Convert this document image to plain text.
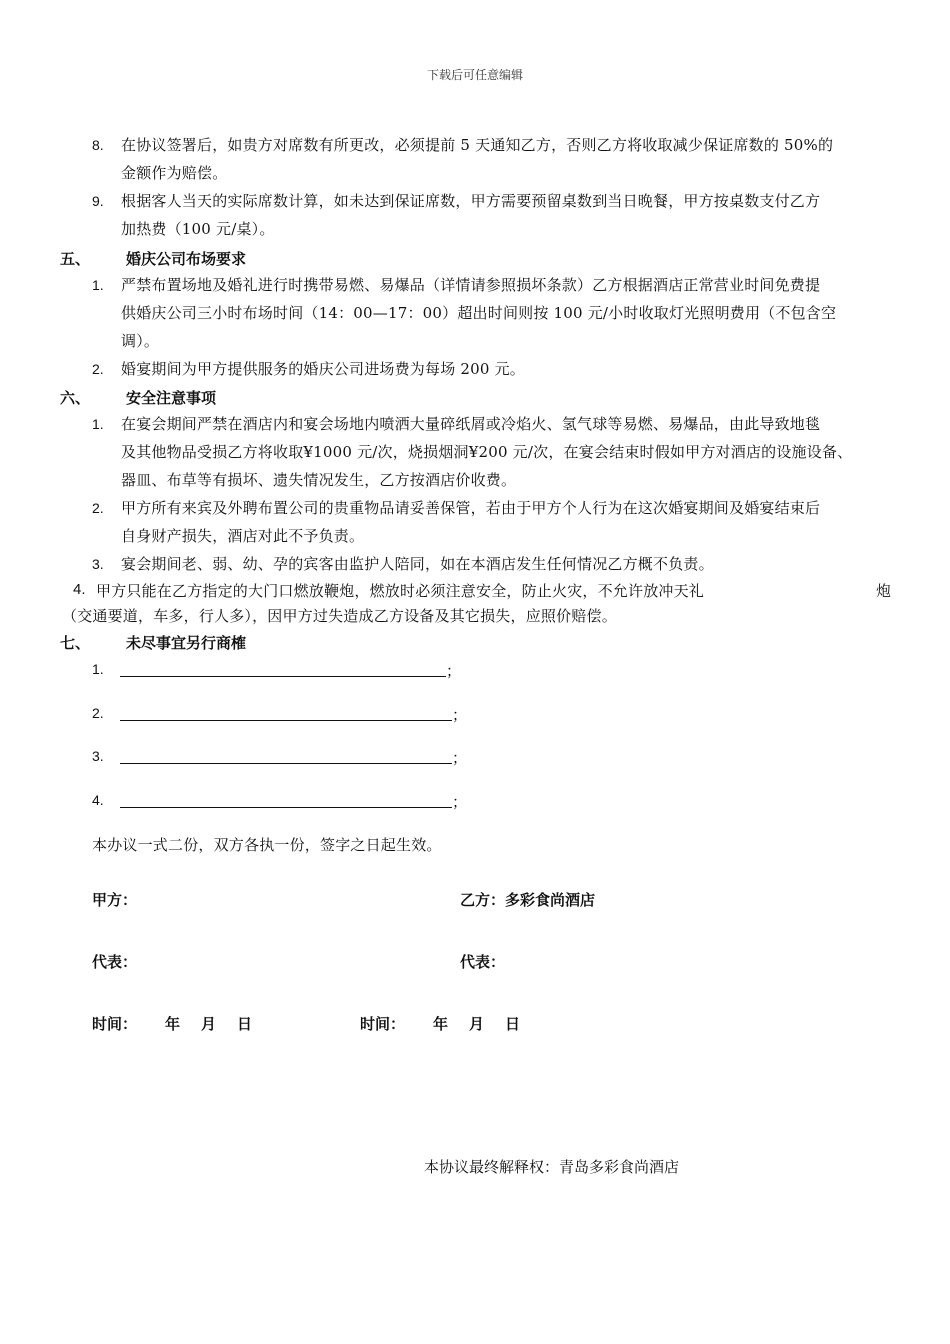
下载后可任意编辑
8. 在协议签署后，如贵方对席数有所更改，必须提前 5 天通知乙方，否则乙方将收取减少保证席数的 50%的
金额作为赔偿。
9. 根据客人当天的实际席数计算，如未达到保证席数，甲方需要预留桌数到当日晚餐，甲方按桌数支付乙方
加热费（100 元/桌）。
五、 婚庆公司布场要求
1. 严禁布置场地及婚礼进行时携带易燃、易爆品（详情请参照损坏条款）乙方根据酒店正常营业时间免费提
供婚庆公司三小时布场时间（14：00—17：00）超出时间则按 100 元/小时收取灯光照明费用（不包含空
调）。
2. 婚宴期间为甲方提供服务的婚庆公司进场费为每场 200 元。
六、 安全注意事项
1. 在宴会期间严禁在酒店内和宴会场地内喷洒大量碎纸屑或冷焰火、氢气球等易燃、易爆品，由此导致地毯
及其他物品受损乙方将收取¥1000 元/次，烧损烟洞¥200 元/次，在宴会结束时假如甲方对酒店的设施设备、
器皿、布草等有损坏、遗失情况发生，乙方按酒店价收费。
2. 甲方所有来宾及外聘布置公司的贵重物品请妥善保管，若由于甲方个人行为在这次婚宴期间及婚宴结束后
自身财产损失，酒店对此不予负责。
3. 宴会期间老、弱、幼、孕的宾客由监护人陪同，如在本酒店发生任何情况乙方概不负责。
4. 甲方只能在乙方指定的大门口燃放鞭炮，燃放时必须注意安全，防止火灾，不允许放冲天礼	炮
（交通要道，车多，行人多），因甲方过失造成乙方设备及其它损失，应照价赔偿。
七、 未尽事宜另行商榷
1.	；
2.	；
3.	；
4.	；
本办议一式二份，双方各执一份，签字之日起生效。
甲方：	乙方：多彩食尚酒店
代表：	代表：
时间： 年 月 日	时间： 年 月 日
本协议最终解释权：青岛多彩食尚酒店
